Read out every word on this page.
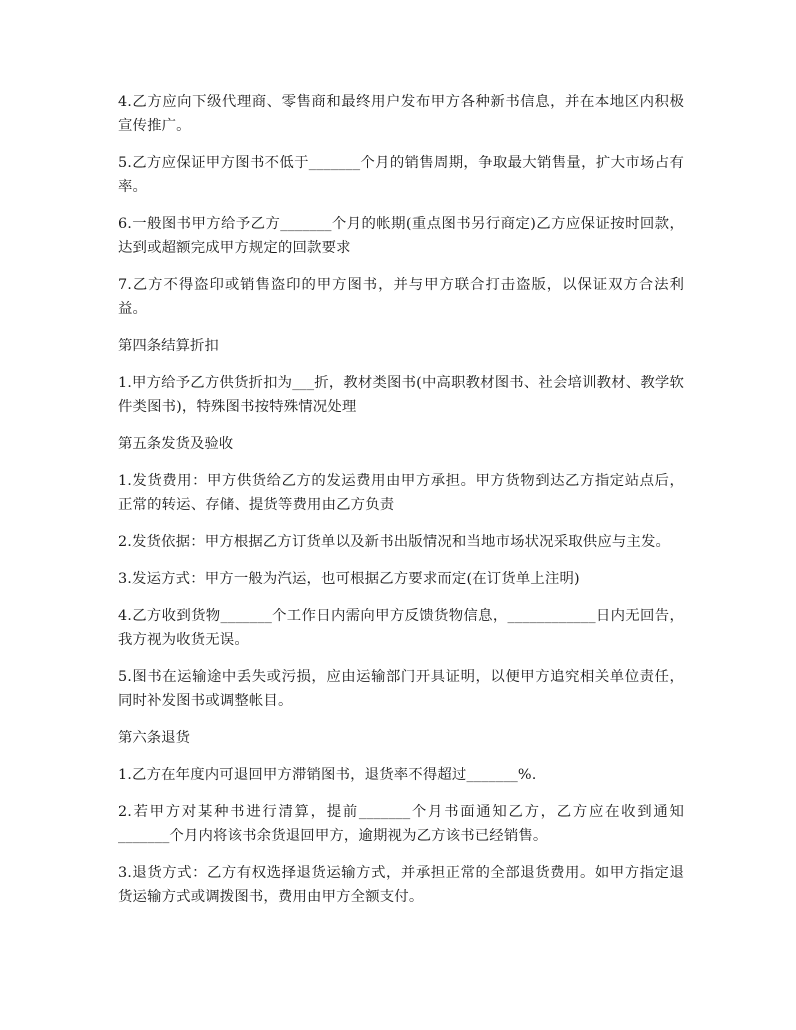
4.乙方应向下级代理商、零售商和最终用户发布甲方各种新书信息，并在本地区内积极宣传推广。

5.乙方应保证甲方图书不低于_______个月的销售周期，争取最大销售量，扩大市场占有率。

6.一般图书甲方给予乙方_______个月的帐期(重点图书另行商定)乙方应保证按时回款，达到或超额完成甲方规定的回款要求

7.乙方不得盗印或销售盗印的甲方图书，并与甲方联合打击盗版，以保证双方合法利益。

第四条结算折扣

1.甲方给予乙方供货折扣为___折，教材类图书(中高职教材图书、社会培训教材、教学软件类图书)，特殊图书按特殊情况处理

第五条发货及验收

1.发货费用：甲方供货给乙方的发运费用由甲方承担。甲方货物到达乙方指定站点后，正常的转运、存储、提货等费用由乙方负责

2.发货依据：甲方根据乙方订货单以及新书出版情况和当地市场状况采取供应与主发。

3.发运方式：甲方一般为汽运，也可根据乙方要求而定(在订货单上注明)

4.乙方收到货物_______个工作日内需向甲方反馈货物信息，____________日内无回告，我方视为收货无误。

5.图书在运输途中丢失或污损，应由运输部门开具证明，以便甲方追究相关单位责任，同时补发图书或调整帐目。

第六条退货

1.乙方在年度内可退回甲方滞销图书，退货率不得超过_______%.

2.若甲方对某种书进行清算，提前_______个月书面通知乙方，乙方应在收到通知_______个月内将该书余货退回甲方，逾期视为乙方该书已经销售。

3.退货方式：乙方有权选择退货运输方式，并承担正常的全部退货费用。如甲方指定退货运输方式或调拨图书，费用由甲方全额支付。
